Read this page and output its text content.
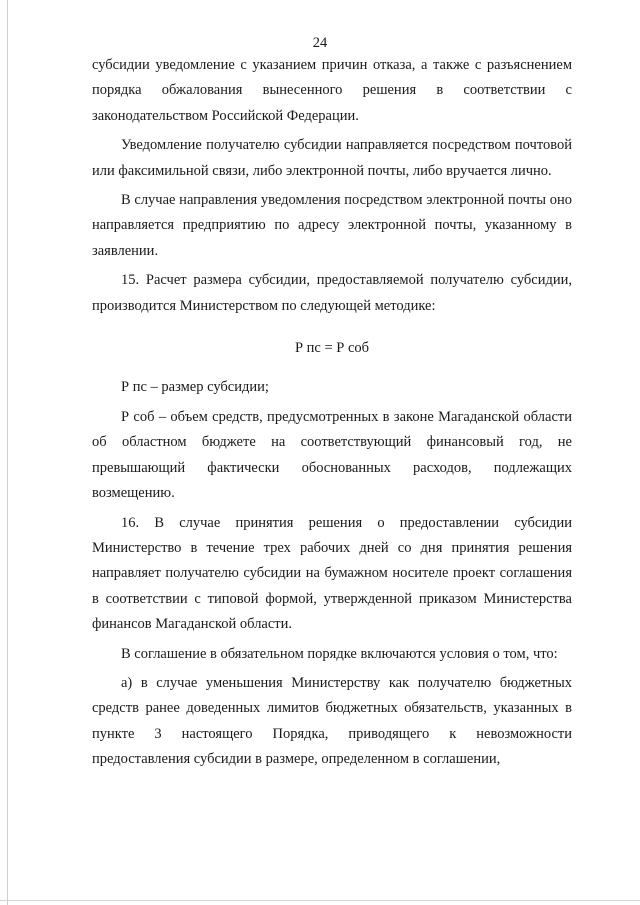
24

субсидии уведомление с указанием причин отказа, а также с разъяснением порядка обжалования вынесенного решения в соответствии с законодательством Российской Федерации.

Уведомление получателю субсидии направляется посредством почтовой или факсимильной связи, либо электронной почты, либо вручается лично.

В случае направления уведомления посредством электронной почты оно направляется предприятию по адресу электронной почты, указанному в заявлении.

15. Расчет размера субсидии, предоставляемой получателю субсидии, производится Министерством по следующей методике:

Р пс = Р соб

Р пс – размер субсидии;

Р соб – объем средств, предусмотренных в законе Магаданской области об областном бюджете на соответствующий финансовый год, не превышающий фактически обоснованных расходов, подлежащих возмещению.

16. В случае принятия решения о предоставлении субсидии Министерство в течение трех рабочих дней со дня принятия решения направляет получателю субсидии на бумажном носителе проект соглашения в соответствии с типовой формой, утвержденной приказом Министерства финансов Магаданской области.

В соглашение в обязательном порядке включаются условия о том, что:

а) в случае уменьшения Министерству как получателю бюджетных средств ранее доведенных лимитов бюджетных обязательств, указанных в пункте 3 настоящего Порядка, приводящего к невозможности предоставления субсидии в размере, определенном в соглашении,
